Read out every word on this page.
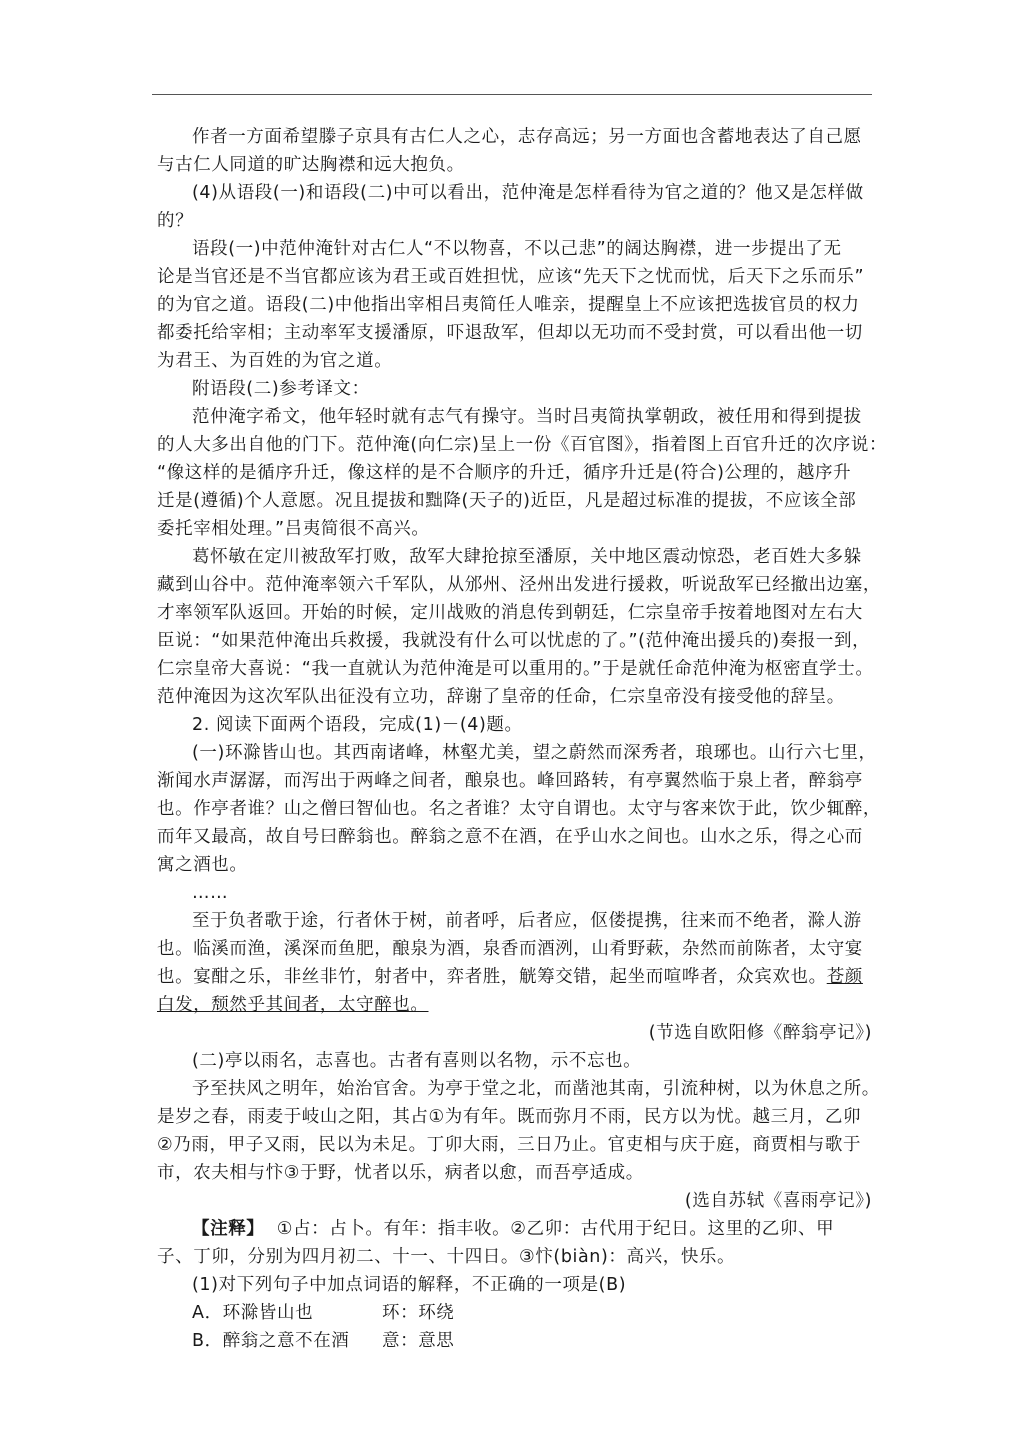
作者一方面希望滕子京具有古仁人之心，志存高远；另一方面也含蓄地表达了自己愿

与古仁人同道的旷达胸襟和远大抱负。

(4)从语段(一)和语段(二)中可以看出，范仲淹是怎样看待为官之道的？他又是怎样做

的？

语段(一)中范仲淹针对古仁人“不以物喜，不以己悲”的阔达胸襟，进一步提出了无

论是当官还是不当官都应该为君王或百姓担忧，应该“先天下之忧而忧，后天下之乐而乐”

的为官之道。语段(二)中他指出宰相吕夷简任人唯亲，提醒皇上不应该把选拔官员的权力

都委托给宰相；主动率军支援潘原，吓退敌军，但却以无功而不受封赏，可以看出他一切

为君王、为百姓的为官之道。

附语段(二)参考译文：

范仲淹字希文，他年轻时就有志气有操守。当时吕夷简执掌朝政，被任用和得到提拔

的人大多出自他的门下。范仲淹(向仁宗)呈上一份《百官图》，指着图上百官升迁的次序说：

“像这样的是循序升迁，像这样的是不合顺序的升迁，循序升迁是(符合)公理的，越序升

迁是(遵循)个人意愿。况且提拔和黜降(天子的)近臣，凡是超过标准的提拔，不应该全部

委托宰相处理。”吕夷简很不高兴。

葛怀敏在定川被敌军打败，敌军大肆抢掠至潘原，关中地区震动惊恐，老百姓大多躲

藏到山谷中。范仲淹率领六千军队，从邠州、泾州出发进行援救，听说敌军已经撤出边塞，

才率领军队返回。开始的时候，定川战败的消息传到朝廷，仁宗皇帝手按着地图对左右大

臣说：“如果范仲淹出兵救援，我就没有什么可以忧虑的了。”(范仲淹出援兵的)奏报一到，

仁宗皇帝大喜说：“我一直就认为范仲淹是可以重用的。”于是就任命范仲淹为枢密直学士。

范仲淹因为这次军队出征没有立功，辞谢了皇帝的任命，仁宗皇帝没有接受他的辞呈。

2. 阅读下面两个语段，完成(1)－(4)题。

(一)环滁皆山也。其西南诸峰，林壑尤美，望之蔚然而深秀者，琅琊也。山行六七里，

渐闻水声潺潺，而泻出于两峰之间者，酿泉也。峰回路转，有亭翼然临于泉上者，醉翁亭

也。作亭者谁？山之僧曰智仙也。名之者谁？太守自谓也。太守与客来饮于此，饮少辄醉，

而年又最高，故自号曰醉翁也。醉翁之意不在酒，在乎山水之间也。山水之乐，得之心而

寓之酒也。

……

至于负者歌于途，行者休于树，前者呼，后者应，伛偻提携，往来而不绝者，滁人游

也。临溪而渔，溪深而鱼肥，酿泉为酒，泉香而酒洌，山肴野蔌，杂然而前陈者，太守宴

也。宴酣之乐，非丝非竹，射者中，弈者胜，觥筹交错，起坐而喧哗者，众宾欢也。苍颜

白发，颓然乎其间者，太守醉也。

(节选自欧阳修《醉翁亭记》)

(二)亭以雨名，志喜也。古者有喜则以名物，示不忘也。

予至扶风之明年，始治官舍。为亭于堂之北，而凿池其南，引流种树，以为休息之所。

是岁之春，雨麦于岐山之阳，其占①为有年。既而弥月不雨，民方以为忧。越三月，乙卯

②乃雨，甲子又雨，民以为未足。丁卯大雨，三日乃止。官吏相与庆于庭，商贾相与歌于

市，农夫相与忭③于野，忧者以乐，病者以愈，而吾亭适成。

(选自苏轼《喜雨亭记》)

【注释】 ①占：占卜。有年：指丰收。②乙卯：古代用于纪日。这里的乙卯、甲

子、丁卯，分别为四月初二、十一、十四日。③忭(biàn)：高兴，快乐。

(1)对下列句子中加点词语的解释，不正确的一项是(B)

A．环滁皆山也	环：环绕

B．醉翁之意不在酒 意：意思
